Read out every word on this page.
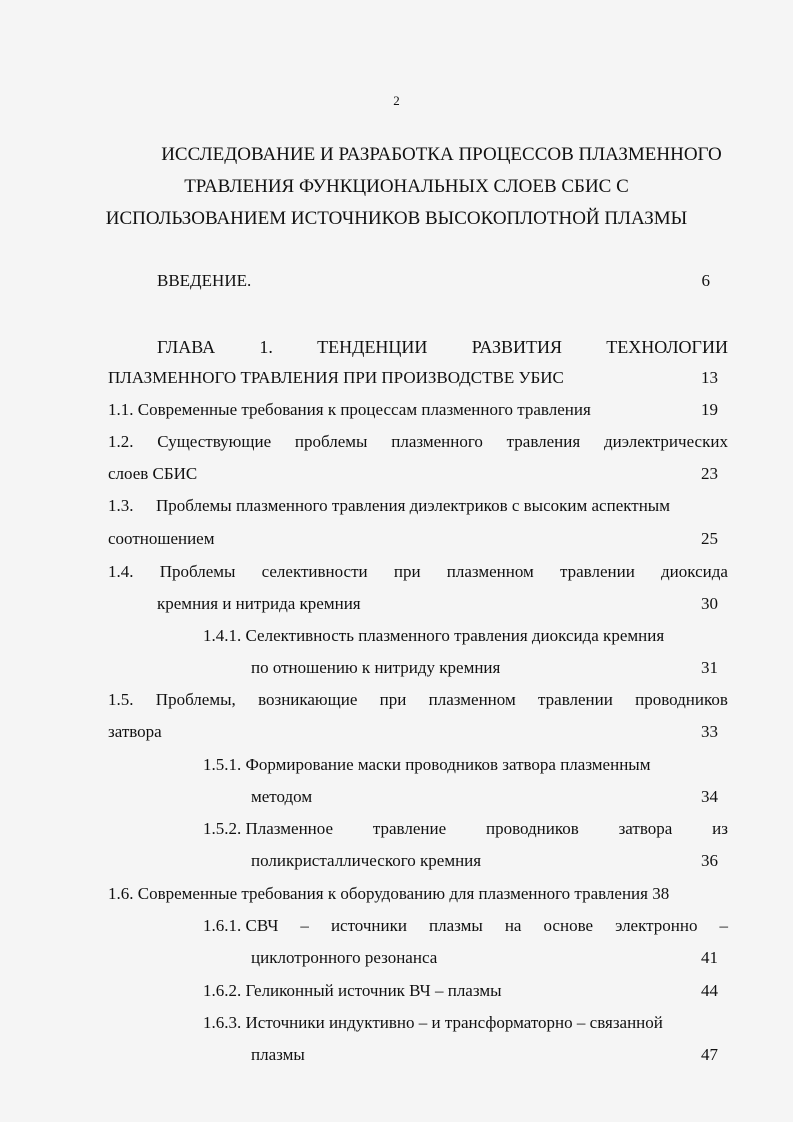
2
ИССЛЕДОВАНИЕ И РАЗРАБОТКА ПРОЦЕССОВ ПЛАЗМЕННОГО
ТРАВЛЕНИЯ ФУНКЦИОНАЛЬНЫХ СЛОЕВ СБИС С
ИСПОЛЬЗОВАНИЕМ ИСТОЧНИКОВ ВЫСОКОПЛОТНОЙ ПЛАЗМЫ
ВВЕДЕНИЕ.	6
ГЛАВА 1. ТЕНДЕНЦИИ РАЗВИТИЯ ТЕХНОЛОГИИ
ПЛАЗМЕННОГО ТРАВЛЕНИЯ ПРИ ПРОИЗВОДСТВЕ УБИС	13
1.1. Современные требования к процессам плазменного травления	19
1.2. Существующие проблемы плазменного травления диэлектрических
слоев СБИС	23
1.3. Проблемы плазменного травления диэлектриков с высоким аспектным
соотношением	25
1.4. Проблемы селективности при плазменном травлении диоксида
кремния и нитрида кремния	30
1.4.1. Селективность плазменного травления диоксида кремния
по отношению к нитриду кремния	31
1.5. Проблемы, возникающие при плазменном травлении проводников
затвора	33
1.5.1. Формирование маски проводников затвора плазменным
методом	34
1.5.2. Плазменное травление проводников затвора из
поликристаллического кремния	36
1.6. Современные требования к оборудованию для плазменного травления 38
1.6.1. СВЧ – источники плазмы на основе электронно –
циклотронного резонанса	41
1.6.2. Геликонный источник ВЧ – плазмы	44
1.6.3. Источники индуктивно – и трансформаторно – связанной
плазмы	47
